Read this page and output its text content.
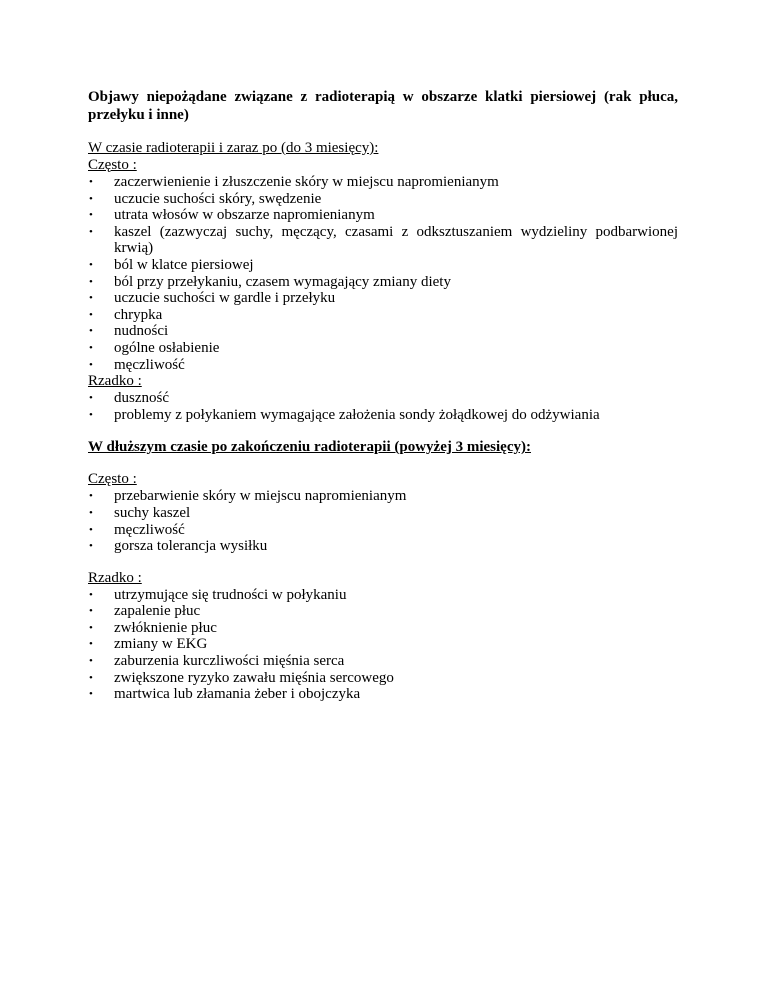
Objawy niepożądane związane z radioterapią w obszarze klatki piersiowej (rak płuca, przełyku i inne)

W czasie radioterapii i zaraz po (do 3 miesięcy):

Często :

• zaczerwienienie i złuszczenie skóry w miejscu napromienianym
• uczucie suchości skóry, swędzenie
• utrata włosów w obszarze napromienianym
• kaszel (zazwyczaj suchy, męczący, czasami z odksztuszaniem wydzieliny podbarwionej krwią)
• ból w klatce piersiowej
• ból przy przełykaniu, czasem wymagający zmiany diety
• uczucie suchości w gardle i przełyku
• chrypka
• nudności
• ogólne osłabienie
• męczliwość

Rzadko :

• duszność
• problemy z połykaniem wymagające założenia sondy żołądkowej do odżywiania

W dłuższym czasie po zakończeniu radioterapii (powyżej 3 miesięcy):

Często :

• przebarwienie skóry w miejscu napromienianym
• suchy kaszel
• męczliwość
• gorsza tolerancja wysiłku

Rzadko :

• utrzymujące się trudności w połykaniu
• zapalenie płuc
• zwłóknienie płuc
• zmiany w EKG
• zaburzenia kurczliwości mięśnia serca
• zwiększone ryzyko zawału mięśnia sercowego
• martwica lub złamania żeber i obojczyka
